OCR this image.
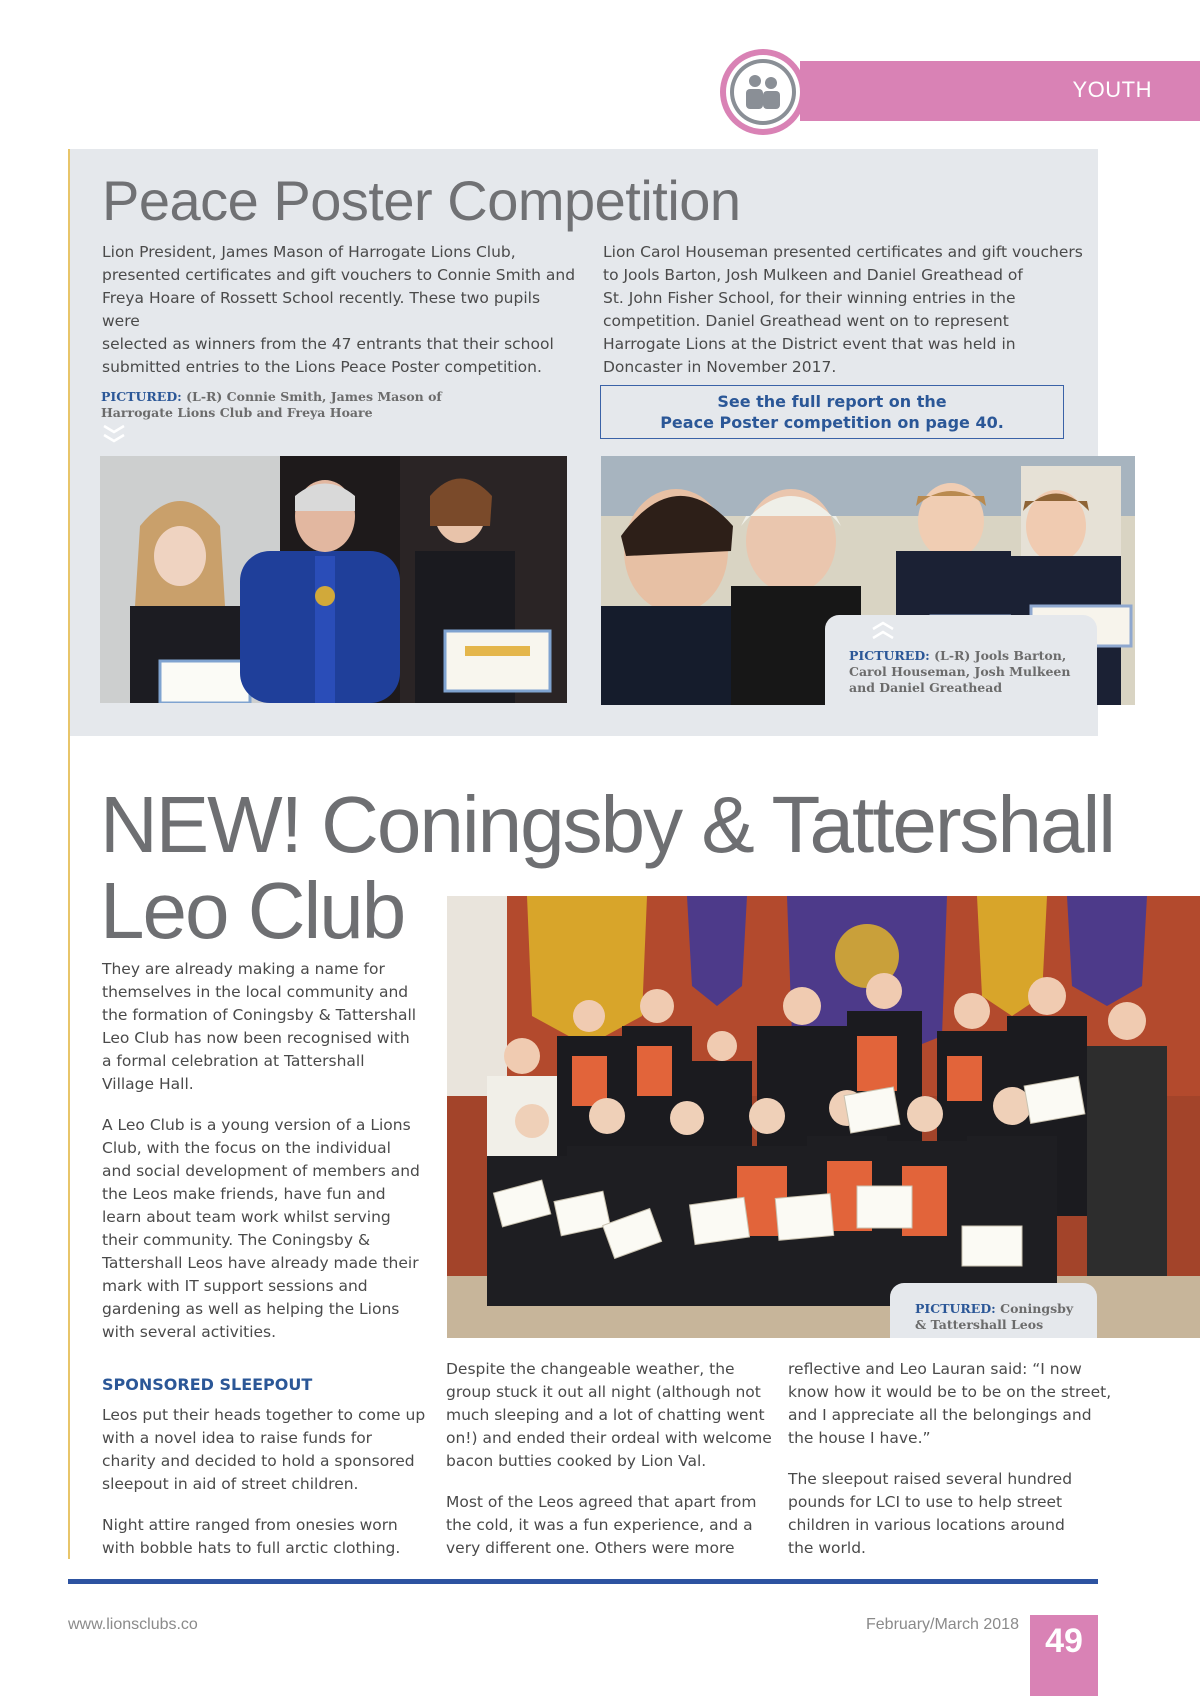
YOUTH
Peace Poster Competition

Lion President, James Mason of Harrogate Lions Club,
presented certificates and gift vouchers to Connie Smith and
Freya Hoare of Rossett School recently. These two pupils were
selected as winners from the 47 entrants that their school
submitted entries to the Lions Peace Poster competition.

Lion Carol Houseman presented certificates and gift vouchers
to Jools Barton, Josh Mulkeen and Daniel Greathead of
St. John Fisher School, for their winning entries in the
competition. Daniel Greathead went on to represent
Harrogate Lions at the District event that was held in
Doncaster in November 2017.

PICTURED: (L-R) Connie Smith, James Mason of
Harrogate Lions Club and Freya Hoare
See the full report on the
Peace Poster competition on page 40.
PICTURED: (L-R) Jools Barton,
Carol Houseman, Josh Mulkeen
and Daniel Greathead
NEW! Coningsby & Tattershall
Leo Club
PICTURED: Coningsby
& Tattershall Leos

They are already making a name for
themselves in the local community and
the formation of Coningsby & Tattershall
Leo Club has now been recognised with
a formal celebration at Tattershall
Village Hall.

A Leo Club is a young version of a Lions
Club, with the focus on the individual
and social development of members and
the Leos make friends, have fun and
learn about team work whilst serving
their community. The Coningsby &
Tattershall Leos have already made their
mark with IT support sessions and
gardening as well as helping the Lions
with several activities.

SPONSORED SLEEPOUT

Leos put their heads together to come up
with a novel idea to raise funds for
charity and decided to hold a sponsored
sleepout in aid of street children.

Night attire ranged from onesies worn
with bobble hats to full arctic clothing.

Despite the changeable weather, the
group stuck it out all night (although not
much sleeping and a lot of chatting went
on!) and ended their ordeal with welcome
bacon butties cooked by Lion Val.

Most of the Leos agreed that apart from
the cold, it was a fun experience, and a
very different one. Others were more

reflective and Leo Lauran said: “I now
know how it would be to be on the street,
and I appreciate all the belongings and
the house I have.”

The sleepout raised several hundred
pounds for LCI to use to help street
children in various locations around
the world.

www.lionsclubs.co	February/March 2018 49
